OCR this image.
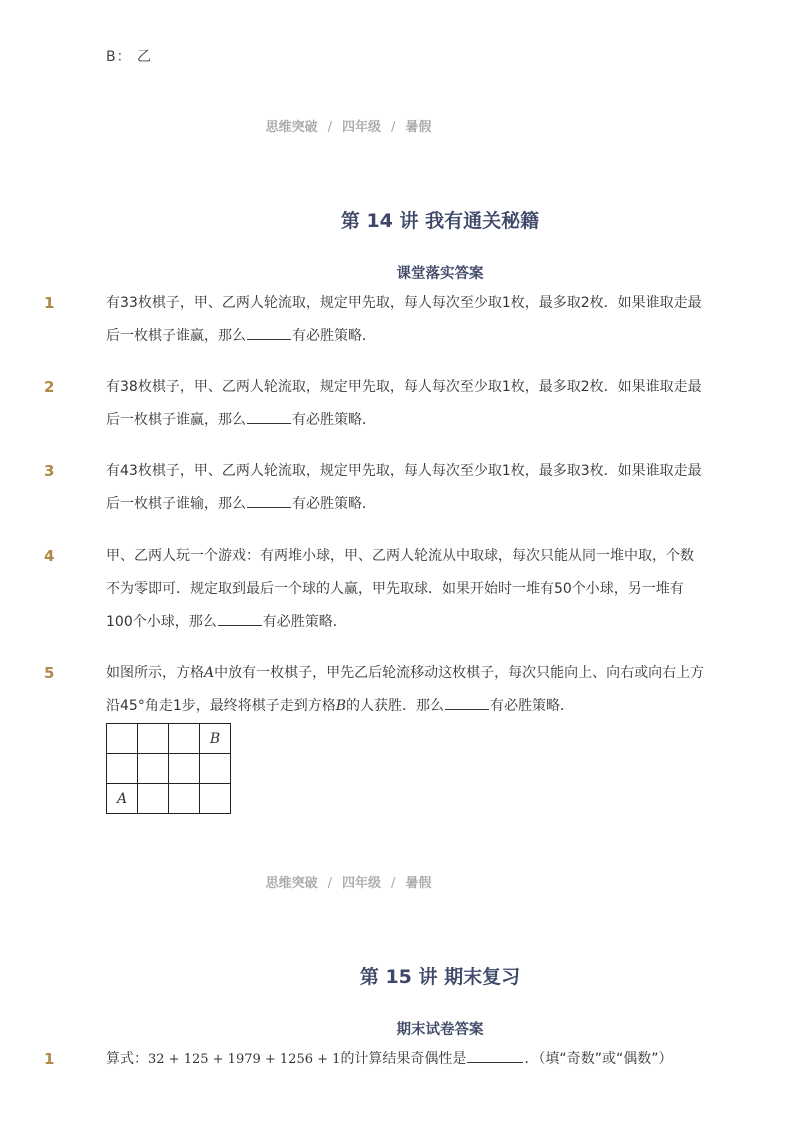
B： 乙
思维突破 / 四年级 / 暑假
第 14 讲 我有通关秘籍
课堂落实答案
1	有33枚棋子，甲、乙两人轮流取，规定甲先取，每人每次至少取1枚，最多取2枚．如果谁取走最
后一枚棋子谁赢，那么	有必胜策略．
2	有38枚棋子，甲、乙两人轮流取，规定甲先取，每人每次至少取1枚，最多取2枚．如果谁取走最
后一枚棋子谁赢，那么	有必胜策略．
3	有43枚棋子，甲、乙两人轮流取，规定甲先取，每人每次至少取1枚，最多取3枚．如果谁取走最
后一枚棋子谁输，那么	有必胜策略．
4	甲、乙两人玩一个游戏：有两堆小球，甲、乙两人轮流从中取球，每次只能从同一堆中取，个数
不为零即可．规定取到最后一个球的人赢，甲先取球．如果开始时一堆有50个小球，另一堆有
100个小球，那么	有必胜策略．
5	如图所示，方格A中放有一枚棋子，甲先乙后轮流移动这枚棋子，每次只能向上、向右或向右上方
沿45°角走1步，最终将棋子走到方格B的人获胜．那么	有必胜策略．
			B

A			
思维突破 / 四年级 / 暑假
第 15 讲 期末复习
期末试卷答案
1	算式：32 + 125 + 1979 + 1256 + 1的计算结果奇偶性是	．（填“奇数”或“偶数”）
